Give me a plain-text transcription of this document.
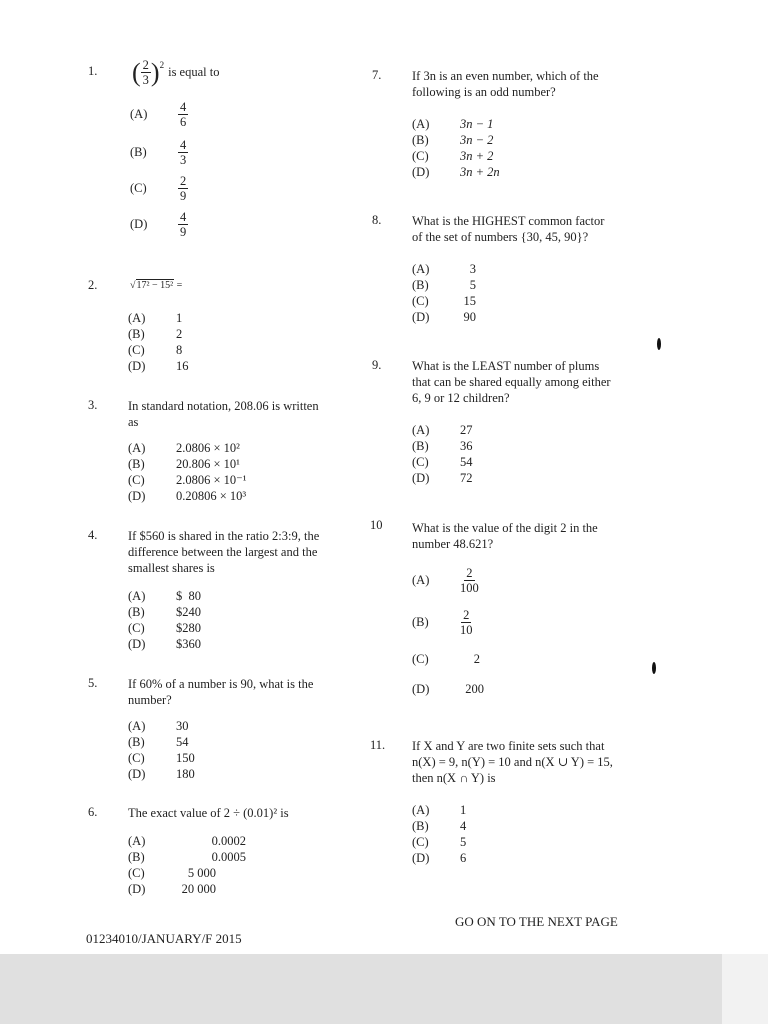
1. ( $\frac{2}{3} )^2$
is equal to
(A)	$\frac{4}{6}$
(B)	$\frac{4}{3}$
(C)	$\frac{2}{9}$
(D)	$\frac{4}{9}$
2.	√17² − 15² =
(A)	1
(B)	2
(C)	8
(D)	16
3. In standard notation, 208.06 is written
as
(A)	2.0806 × 10²
(B)	20.806 × 10¹
(C)	2.0806 × 10⁻¹
(D)	0.20806 × 10³
4. If $560 is shared in the ratio 2:3:9, the
difference between the largest and the
smallest shares is
(A)	$  80
(B)	$240
(C)	$280
(D)	$360
5. If 60% of a number is 90, what is the
number?
(A)	30
(B)	54
(C)	150
(D)	180
6. The exact value of 2 ÷ (0.01)² is
(A)	0.0002
(B)	0.0005
(C)	5 000
(D)	20 000
7. If 3n is an even number, which of the
following is an odd number?
(A)	3n − 1
(B)	3n − 2
(C)	3n + 2
(D)	3n + 2n
8. What is the HIGHEST common factor
of the set of numbers {30, 45, 90}?
(A)	3
(B)	5
(C)	15
(D)	90
9. What is the LEAST number of plums
that can be shared equally among either
6, 9 or 12 children?
(A)	27
(B)	36
(C)	54
(D)	72
10 What is the value of the digit 2 in the
number 48.621?
(A)	$\frac{2}{100}$
(B)	$\frac{2}{10}$
(C)	2
(D)	200
11. If X and Y are two finite sets such that
n(X) = 9, n(Y) = 10 and n(X ∪ Y) = 15,
then n(X ∩ Y) is
(A)	1
(B)	4
(C)	5
(D)	6
01234010/JANUARY/F 2015
GO ON TO THE NEXT PAGE
